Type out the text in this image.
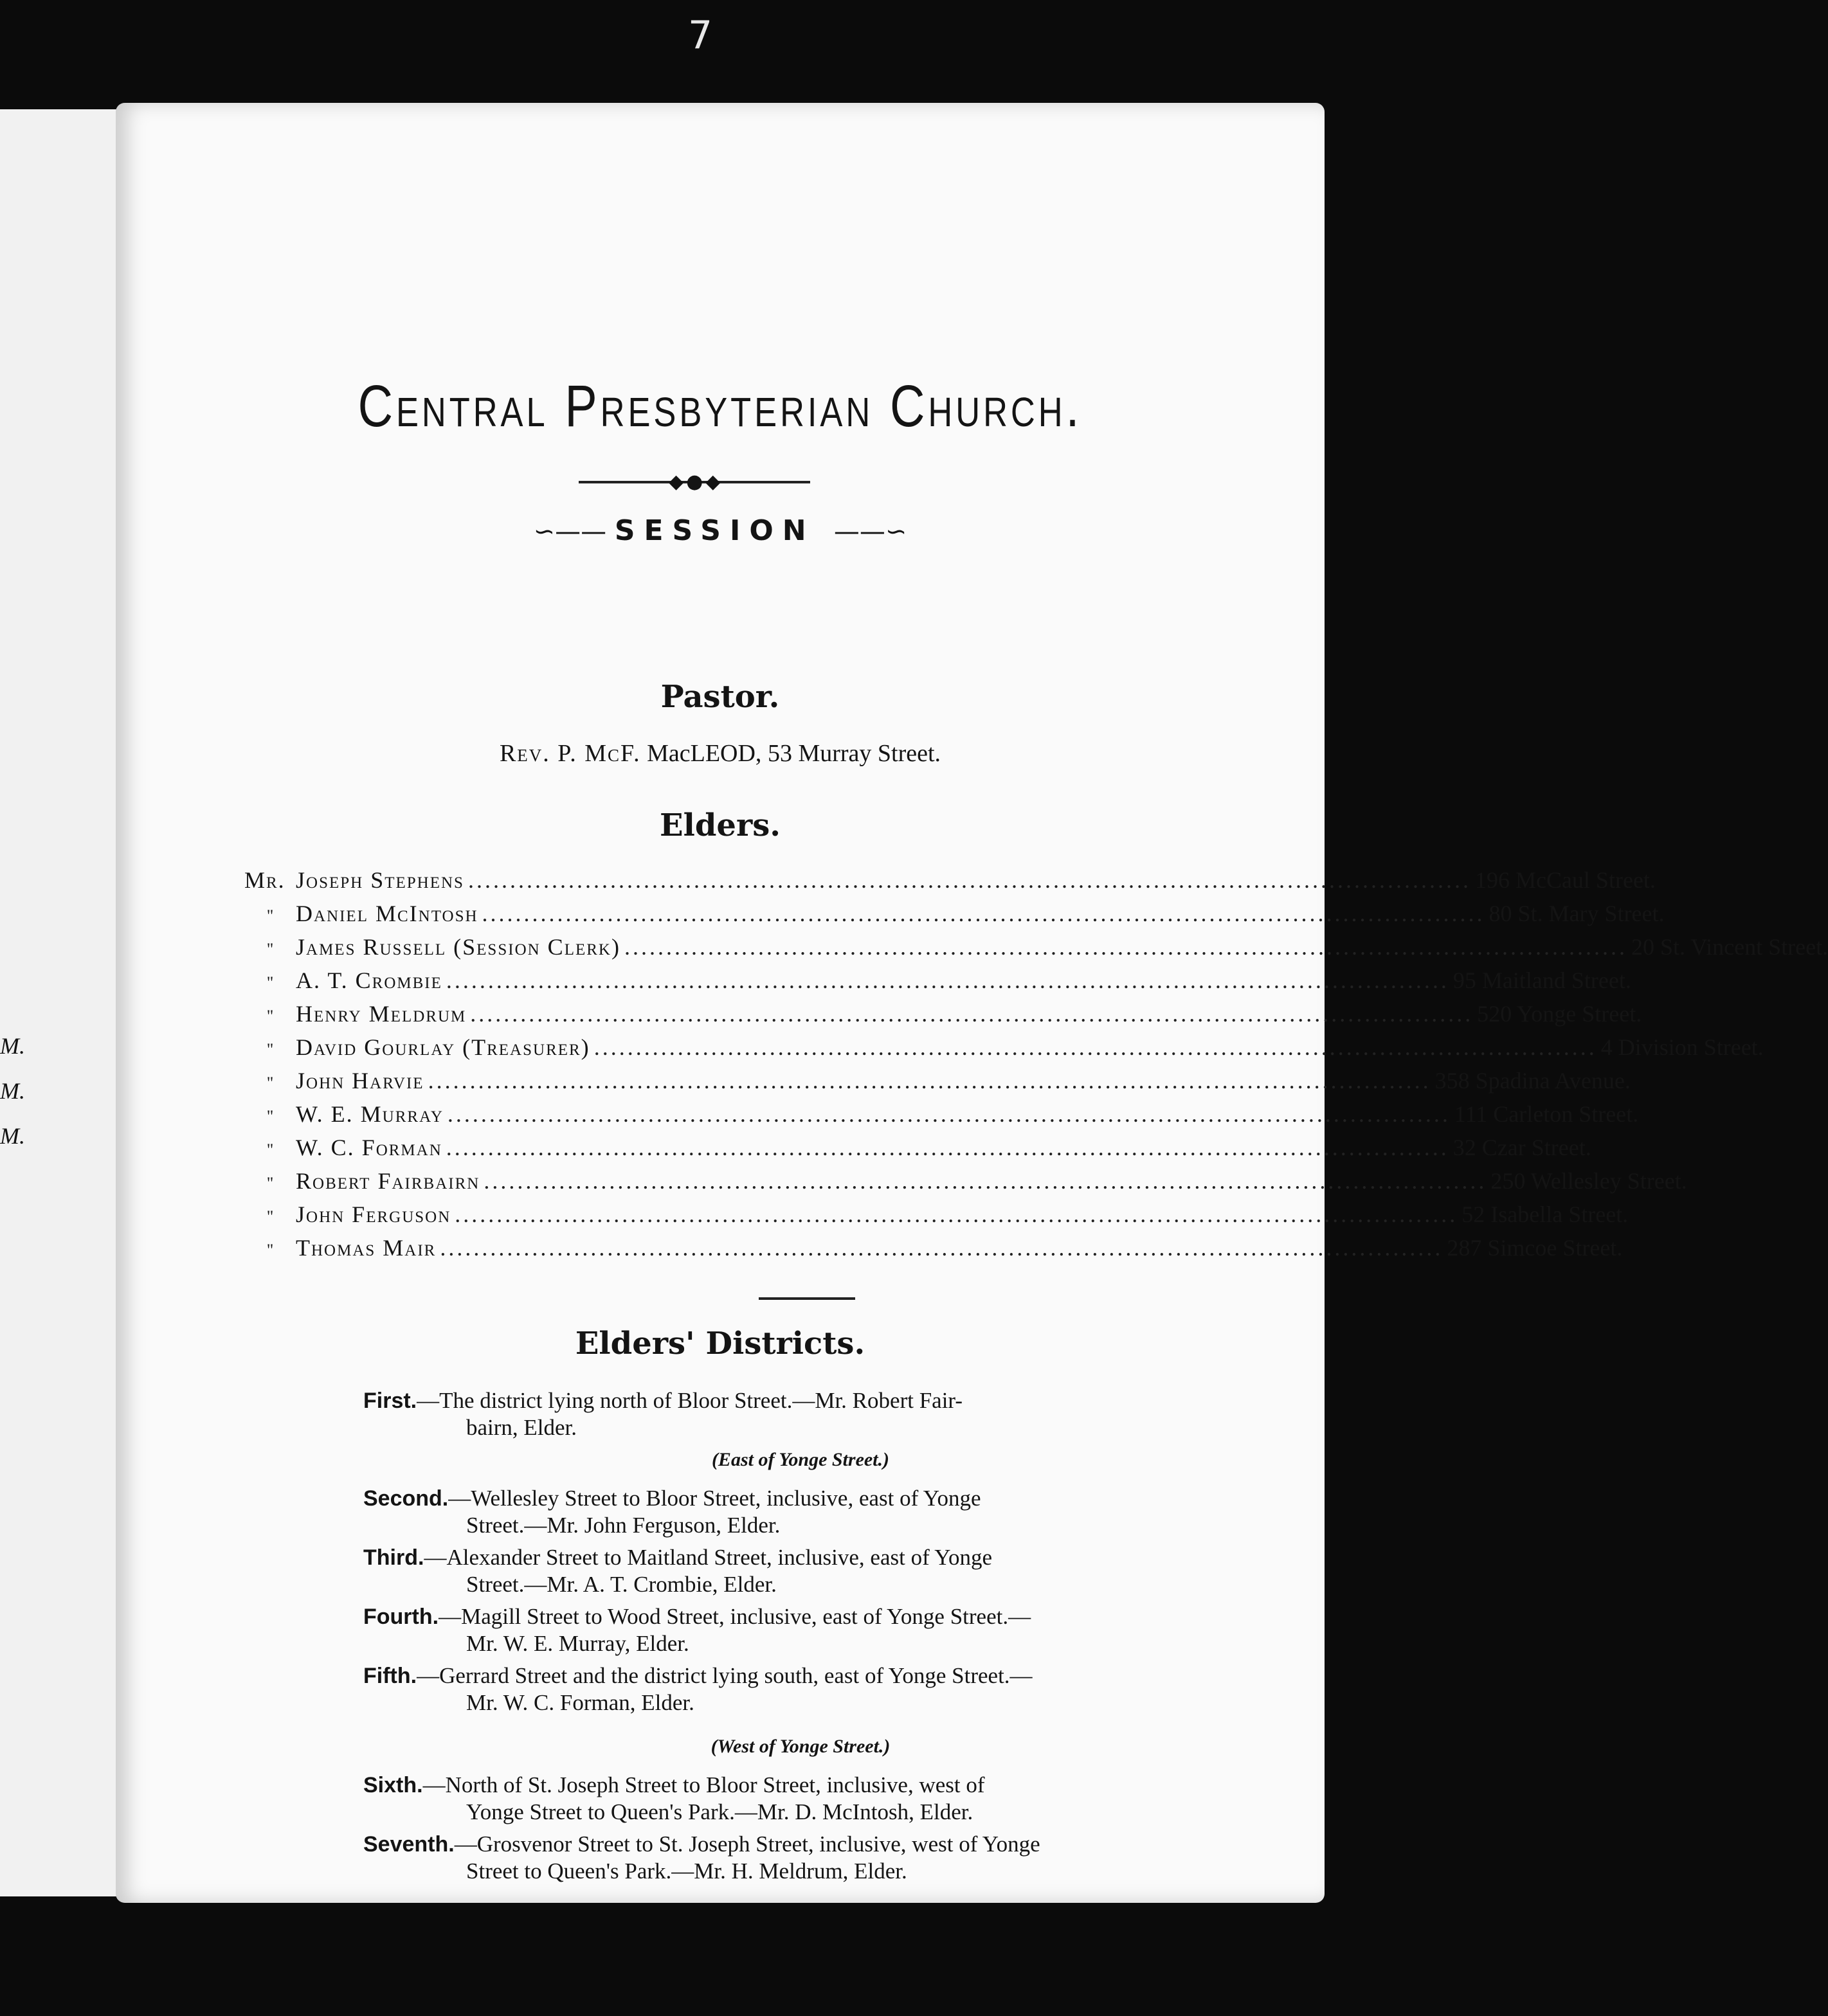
M.
M.
M.
7
Central Presbyterian Church.
◆●◆
∽—— SESSION ——∽
Pastor.
Rev. P. McF. MacLEOD, 53 Murray Street.
Elders.
Mr. Joseph Stephens ........................................................................................................................ 196 McCaul Street.
" Daniel McIntosh ........................................................................................................................ 80 St. Mary Street.
" James Russell (Session Clerk) ........................................................................................................................ 20 St. Vincent Street.
" A. T. Crombie ........................................................................................................................ 95 Maitland Street.
" Henry Meldrum ........................................................................................................................ 520 Yonge Street.
" David Gourlay (Treasurer) ........................................................................................................................ 4 Division Street.
" John Harvie ........................................................................................................................ 358 Spadina Avenue.
" W. E. Murray ........................................................................................................................ 111 Carleton Street.
" W. C. Forman ........................................................................................................................ 32 Czar Street.
" Robert Fairbairn ........................................................................................................................ 250 Wellesley Street.
" John Ferguson ........................................................................................................................ 52 Isabella Street.
" Thomas Mair ........................................................................................................................ 287 Simcoe Street.
Elders' Districts.
First.—The district lying north of Bloor Street.—Mr. Robert Fair-
bairn, Elder.
(East of Yonge Street.)
Second.—Wellesley Street to Bloor Street, inclusive, east of Yonge
Street.—Mr. John Ferguson, Elder.
Third.—Alexander Street to Maitland Street, inclusive, east of Yonge
Street.—Mr. A. T. Crombie, Elder.
Fourth.—Magill Street to Wood Street, inclusive, east of Yonge Street.—
Mr. W. E. Murray, Elder.
Fifth.—Gerrard Street and the district lying south, east of Yonge Street.—
Mr. W. C. Forman, Elder.
(West of Yonge Street.)
Sixth.—North of St. Joseph Street to Bloor Street, inclusive, west of
Yonge Street to Queen's Park.—Mr. D. McIntosh, Elder.
Seventh.—Grosvenor Street to St. Joseph Street, inclusive, west of Yonge
Street to Queen's Park.—Mr. H. Meldrum, Elder.
